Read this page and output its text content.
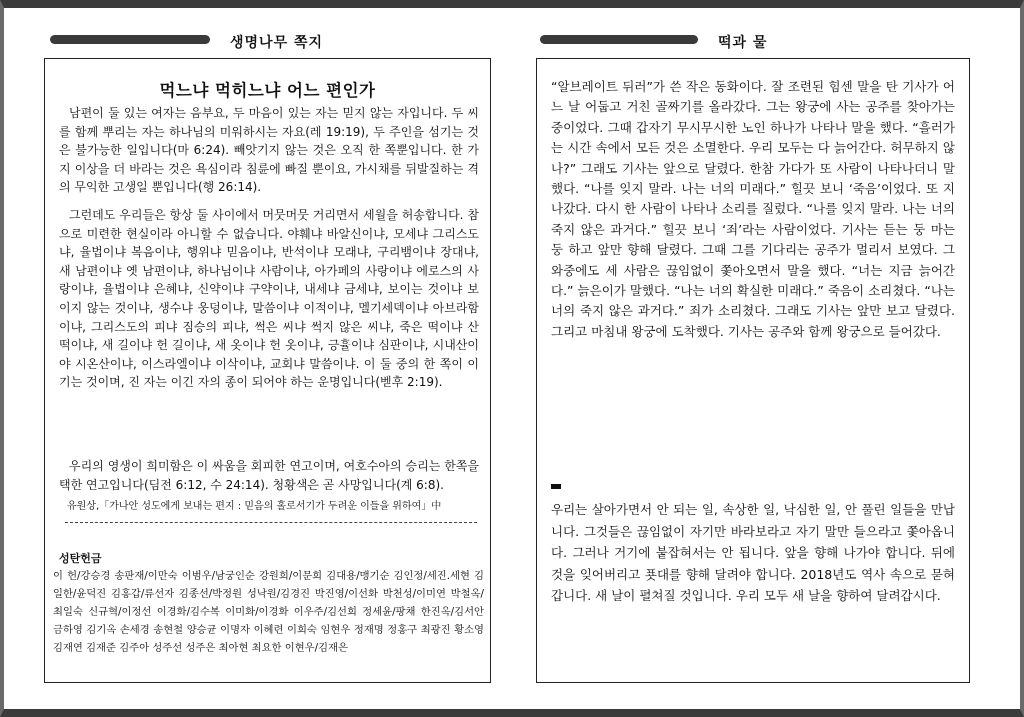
생명나무 쪽지	떡과 물
먹느냐 먹히느냐 어느 편인가

남편이 둘 있는 여자는 음부요, 두 마음이 있는 자는 믿지 않는 자입니다. 두 씨를 함께 뿌리는 자는 하나님의 미워하시는 자요(레 19:19), 두 주인을 섬기는 것은 불가능한 일입니다(마 6:24). 빼앗기지 않는 것은 오직 한 쪽뿐입니다. 한 가지 이상을 더 바라는 것은 욕심이라 침륜에 빠질 뿐이요, 가시채를 뒤발질하는 격의 무익한 고생일 뿐입니다(행 26:14).

그런데도 우리들은 항상 둘 사이에서 머뭇머뭇 거리면서 세월을 허송합니다. 참으로 미련한 현실이라 아니할 수 없습니다. 야훼냐 바알신이냐, 모세냐 그리스도냐, 율법이냐 복음이냐, 행위냐 믿음이냐, 반석이냐 모래냐, 구리뱀이냐 장대냐, 새 남편이냐 옛 남편이냐, 하나님이냐 사람이냐, 아가페의 사랑이냐 에로스의 사랑이냐, 율법이냐 은혜냐, 신약이냐 구약이냐, 내세냐 금세냐, 보이는 것이냐 보이지 않는 것이냐, 생수냐 웅덩이냐, 말씀이냐 이적이냐, 멜기세덱이냐 아브라함이냐, 그리스도의 피냐 짐승의 피냐, 썩은 씨냐 썩지 않은 씨냐, 죽은 떡이냐 산 떡이냐, 새 길이냐 헌 길이냐, 새 옷이냐 헌 옷이냐, 긍휼이냐 심판이냐, 시내산이야 시온산이냐, 이스라엘이냐 이삭이냐, 교회냐 말씀이냐. 이 둘 중의 한 쪽이 이기는 것이며, 진 자는 이긴 자의 종이 되어야 하는 운명입니다(벧후 2:19).

우리의 영생이 희미함은 이 싸움을 회피한 연고이며, 여호수아의 승리는 한쪽을 택한 연고입니다(딤전 6:12, 수 24:14). 청황색은 곧 사망입니다(계 6:8).

유원상,「가나안 성도에게 보내는 편지 : 믿음의 홀로서기가 두려운 이들을 위하여」中
성탄헌금

이 헌/강승경 송판재/이만숙 이범우/남궁인순 강원희/이문희 김대용/맹기순 김인정/세진.세현 김일한/윤덕진 김홍갑/류선자 김종선/박정원 성낙원/김경진 박진영/이선화 박천성/이미연 박철옥/최일숙 신규혁/이정선 이경화/김수복 이미화/이경화 이우주/김선희 정세윤/팡채 한진옥/김서안 금하영 김기옥 손세경 송현철 양승균 이명자 이혜련 이희숙 임현우 정재명 정홍구 최광진 황소영 김재연 김재준 김주아 성주선 성주은 최아현 최요한 이현우/김재은

“알브레이트 뒤러”가 쓴 작은 동화이다. 잘 조련된 힘센 말을 탄 기사가 어느 날 어둡고 거친 골짜기를 올라갔다. 그는 왕궁에 사는 공주를 찾아가는 중이었다. 그때 갑자기 무시무시한 노인 하나가 나타나 말을 했다. “흘러가는 시간 속에서 모든 것은 소멸한다. 우리 모두는 다 늙어간다. 허무하지 않나?” 그래도 기사는 앞으로 달렸다. 한참 가다가 또 사람이 나타나더니 말했다. “나를 잊지 말라. 나는 너의 미래다.” 힐끗 보니 ‘죽음’이었다. 또 지나갔다. 다시 한 사람이 나타나 소리를 질렀다. “나를 잊지 말라. 나는 너의 죽지 않은 과거다.” 힐끗 보니 ‘죄’라는 사람이었다. 기사는 듣는 둥 마는 둥 하고 앞만 향해 달렸다. 그때 그를 기다리는 공주가 멀리서 보였다. 그 와중에도 세 사람은 끊임없이 쫓아오면서 말을 했다. “너는 지금 늙어간다.” 늙은이가 말했다. “나는 너의 확실한 미래다.” 죽음이 소리쳤다. “나는 너의 죽지 않은 과거다.” 죄가 소리쳤다. 그래도 기사는 앞만 보고 달렸다. 그리고 마침내 왕궁에 도착했다. 기사는 공주와 함께 왕궁으로 들어갔다.

우리는 살아가면서 안 되는 일, 속상한 일, 낙심한 일, 안 풀린 일들을 만납니다. 그것들은 끊임없이 자기만 바라보라고 자기 말만 들으라고 쫓아옵니다. 그러나 거기에 붙잡혀서는 안 됩니다. 앞을 향해 나가야 합니다. 뒤에 것을 잊어버리고 푯대를 향해 달려야 합니다. 2018년도 역사 속으로 묻혀갑니다. 새 날이 펼쳐질 것입니다. 우리 모두 새 날을 향하여 달려갑시다.
